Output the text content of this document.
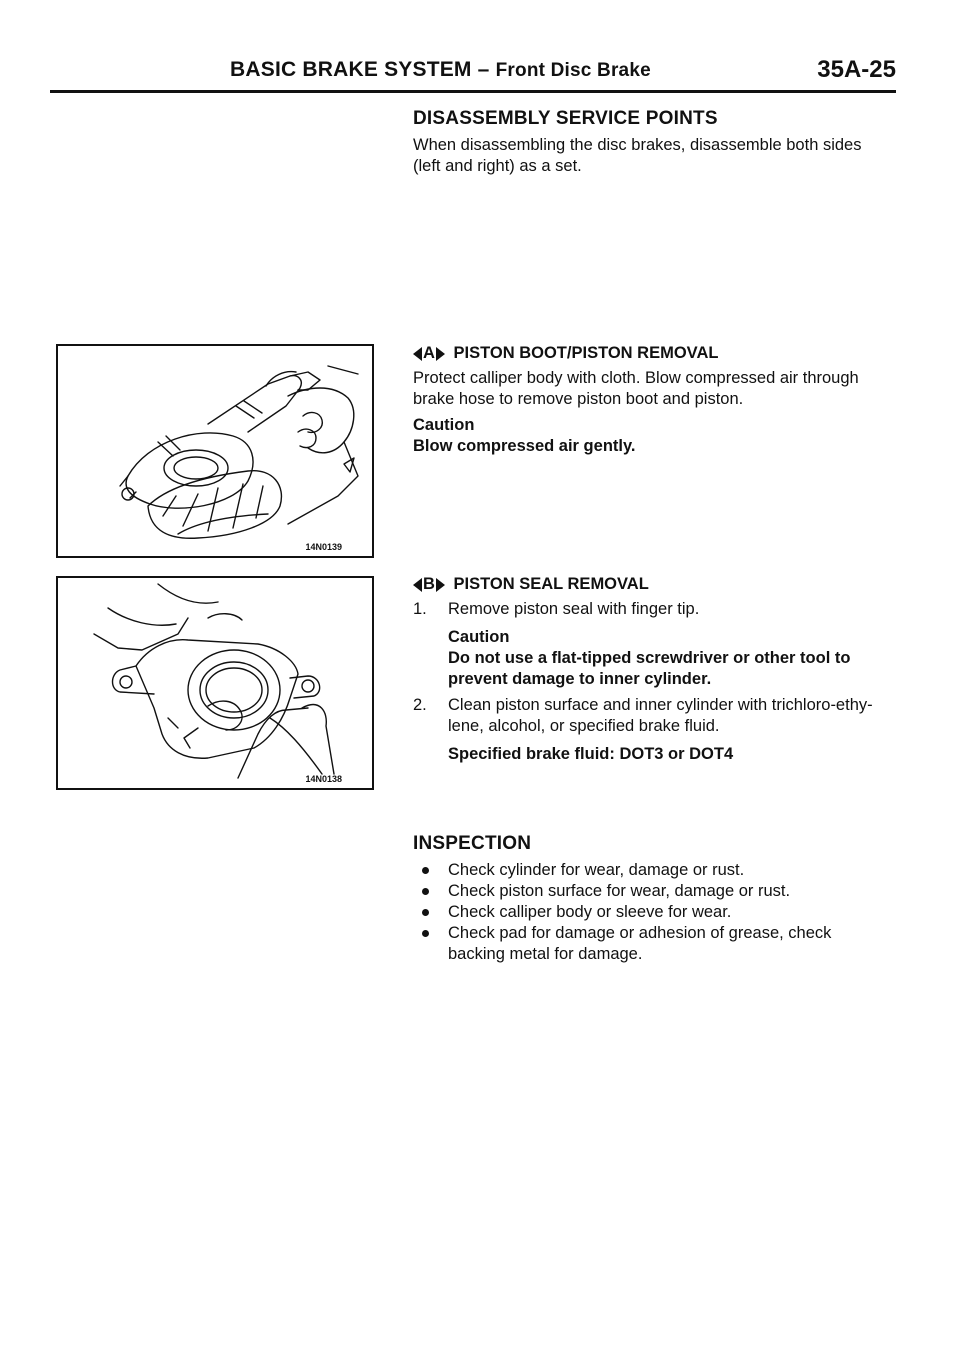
BASIC BRAKE SYSTEM – Front Disc Brake	35A-25
DISASSEMBLY SERVICE POINTS
When disassembling the disc brakes, disassemble both sides
(left and right) as a set.
A PISTON BOOT/PISTON REMOVAL
Protect calliper body with cloth. Blow compressed air through
brake hose to remove piston boot and piston.
Caution
Blow compressed air gently.
B PISTON SEAL REMOVAL
1. Remove piston seal with finger tip.
Caution
Do not use a flat-tipped screwdriver or other tool to
prevent damage to inner cylinder.
2. Clean piston surface and inner cylinder with trichloro-ethy-
lene, alcohol, or specified brake fluid.
Specified brake fluid: DOT3 or DOT4
INSPECTION
Check cylinder for wear, damage or rust.
Check piston surface for wear, damage or rust.
Check calliper body or sleeve for wear.
Check pad for damage or adhesion of grease, check
backing metal for damage.
14N0139
14N0138
